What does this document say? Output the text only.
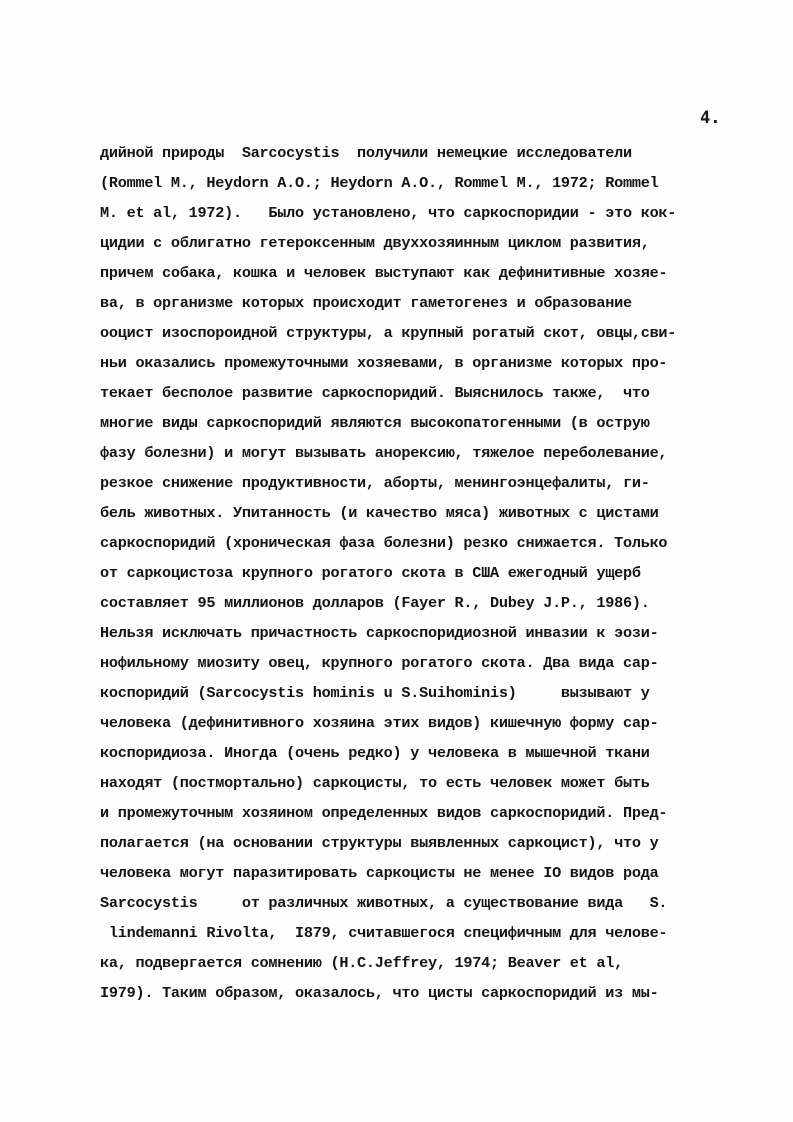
4.
дийной природы  Sarcocystis  получили немецкие исследователи
(Rommel M., Heydorn A.O.; Heydorn A.O., Rommel M., 1972; Rommel
M. et al, 1972).   Было установлено, что саркоспоридии - это кок-
цидии с облигатно гетероксенным двуххозяинным циклом развития,
причем собака, кошка и человек выступают как дефинитивные хозяе-
ва, в организме которых происходит гаметогенез и образование
ооцист изоспороидной структуры, а крупный рогатый скот, овцы,сви-
ньи оказались промежуточными хозяевами, в организме которых про-
текает бесполое развитие саркоспоридий. Выяснилось также,  что
многие виды саркоспоридий являются высокопатогенными (в острую
фазу болезни) и могут вызывать анорексию, тяжелое переболевание,
резкое снижение продуктивности, аборты, менингоэнцефалиты, ги-
бель животных. Упитанность (и качество мяса) животных с цистами
саркоспоридий (хроническая фаза болезни) резко снижается. Только
от саркоцистоза крупного рогатого скота в США ежегодный ущерб
составляет 95 миллионов долларов (Fayer R., Dubey J.P., 1986).
Нельзя исключать причастность саркоспоридиозной инвазии к эози-
нофильному миозиту овец, крупного рогатого скота. Два вида сар-
коспоридий (Sarcocystis hominis u S.Suihominis)     вызывают у
человека (дефинитивного хозяина этих видов) кишечную форму сар-
коспоридиоза. Иногда (очень редко) у человека в мышечной ткани
находят (постмортально) саркоцисты, то есть человек может быть
и промежуточным хозяином определенных видов саркоспоридий. Пред-
полагается (на основании структуры выявленных саркоцист), что у
человека могут паразитировать саркоцисты не менее IO видов рода
Sarcocystis     от различных животных, а существование вида   S.
lindemanni Rivolta,  I879, считавшегося специфичным для челове-
ка, подвергается сомнению (H.C.Jeffrey, 1974; Beaver et al,
I979). Таким образом, оказалось, что цисты саркоспоридий из мы-
